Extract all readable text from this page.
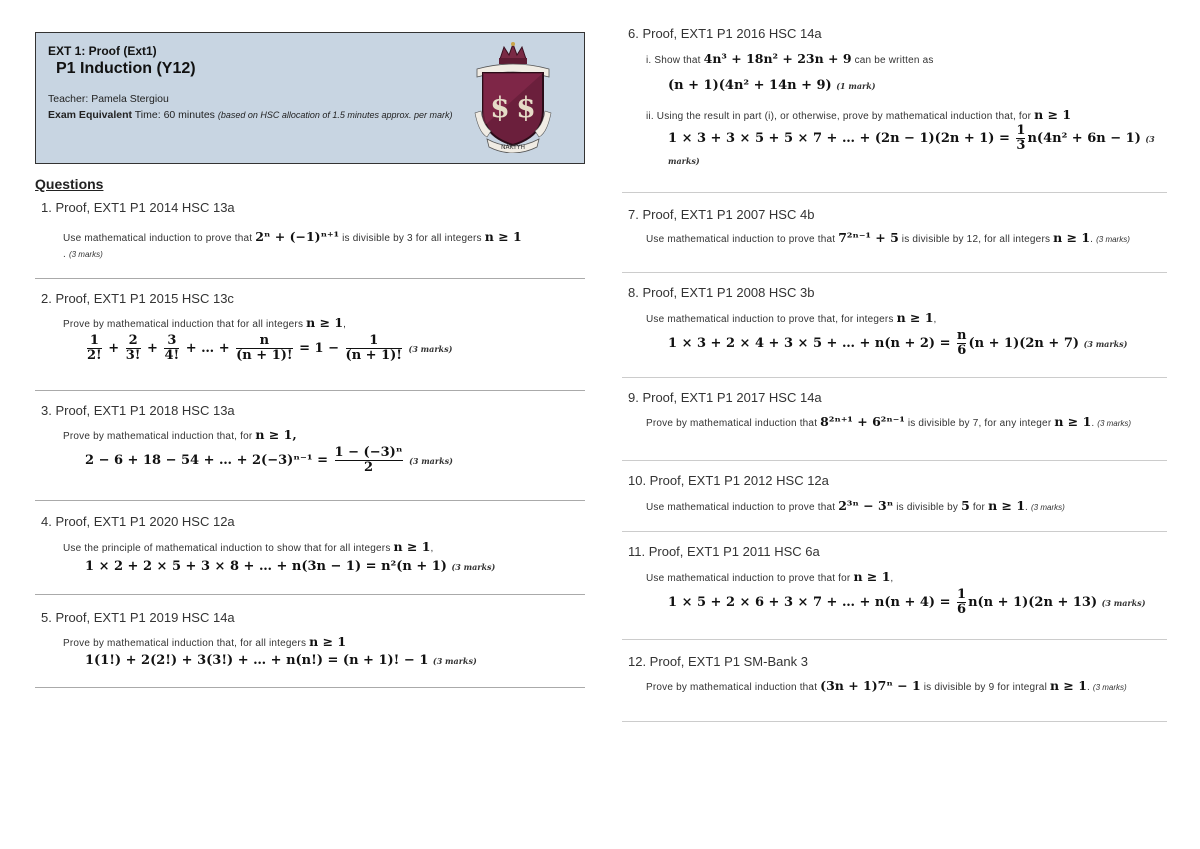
EXT 1: Proof (Ext1)
P1 Induction (Y12)
Teacher: Pamela Stergiou
Exam Equivalent Time: 60 minutes (based on HSC allocation of 1.5 minutes approx. per mark)	$ $
NAKTYH
Questions
1. Proof, EXT1 P1 2014 HSC 13a
Use mathematical induction to prove that 2ⁿ + (−1)ⁿ⁺¹ is divisible by 3 for all integers n ≥ 1
. (3 marks)
2. Proof, EXT1 P1 2015 HSC 13c
Prove by mathematical induction that for all integers n ≥ 1,
$\frac{1}{2!} + \frac{2}{3!} + \frac{3}{4!}$ + … + $\frac{n}{(n + 1)!} = 1 - \frac{1}{(n + 1)!} (3$ marks)
3. Proof, EXT1 P1 2018 HSC 13a
Prove by mathematical induction that, for n ≥ 1,
2 − 6 + 18 − 54 + … + $2(-3)^{n-1} = \frac{\text{1 − (−3)ⁿ}}{2} (3$ marks)
4. Proof, EXT1 P1 2020 HSC 12a
Use the principle of mathematical induction to show that for all integers n ≥ 1,
1 × 2 + 2 × 5 + 3 × 8 + … + n(3n − 1) = n²(n + 1) (3 marks)
5. Proof, EXT1 P1 2019 HSC 14a
Prove by mathematical induction that, for all integers n ≥ 1
1(1!) + 2(2!) + 3(3!) + … + n(n!) = (n + 1)! − 1 (3 marks)
6. Proof, EXT1 P1 2016 HSC 14a
i. Show that 4n³ + 18n² + 23n + 9 can be written as
(n + 1)(4n² + 14n + 9) (1 mark)
ii. Using the result in part (i), or otherwise, prove by mathematical induction that, for n ≥ 1
1 × 3 + 3 × 5 + 5 × 7 + … + $(2n - 1)(2n + 1) = \frac{1}{3} n(4n^2 + 6n - 1)$ (3 marks)
7. Proof, EXT1 P1 2007 HSC 4b
Use mathematical induction to prove that 7²ⁿ⁻¹ + 5 is divisible by 12, for all integers n ≥ 1. (3 marks)
8. Proof, EXT1 P1 2008 HSC 3b
Use mathematical induction to prove that, for integers n ≥ 1,
1 × 3 + 2 × 4 + 3 × 5 + … + $n(n + 2) = \frac{n}{6} (n + 1)(2n + 7)$ (3 marks)
9. Proof, EXT1 P1 2017 HSC 14a
Prove by mathematical induction that 8²ⁿ⁺¹ + 6²ⁿ⁻¹ is divisible by 7, for any integer n ≥ 1. (3 marks)
10. Proof, EXT1 P1 2012 HSC 12a
Use mathematical induction to prove that 2³ⁿ − 3ⁿ is divisible by 5 for n ≥ 1. (3 marks)
11. Proof, EXT1 P1 2011 HSC 6a
Use mathematical induction to prove that for n ≥ 1,
1 × 5 + 2 × 6 + 3 × 7 + … + $n(n + 4) = \frac{1}{6} n(n + 1)(2n + 13)$ (3 marks)
12. Proof, EXT1 P1 SM-Bank 3
Prove by mathematical induction that (3n + 1)7ⁿ − 1 is divisible by 9 for integral n ≥ 1. (3 marks)
